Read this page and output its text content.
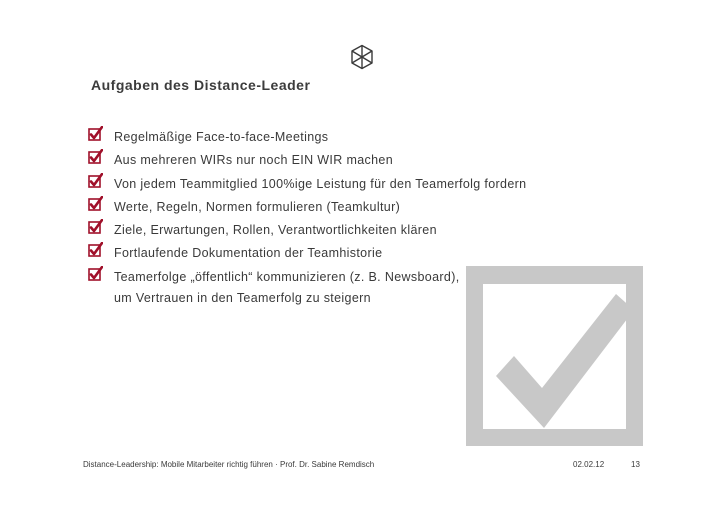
Aufgaben des Distance-Leader
Regelmäßige Face-to-face-Meetings
Aus mehreren WIRs nur noch EIN WIR machen
Von jedem Teammitglied 100%ige Leistung für den Teamerfolg fordern
Werte, Regeln, Normen formulieren (Teamkultur)
Ziele, Erwartungen, Rollen, Verantwortlichkeiten klären
Fortlaufende Dokumentation der Teamhistorie
Teamerfolge „öffentlich“ kommunizieren (z. B. Newsboard),
um Vertrauen in den Teamerfolg zu steigern
Distance-Leadership: Mobile Mitarbeiter richtig führen · Prof. Dr. Sabine Remdisch	02.02.12	13
